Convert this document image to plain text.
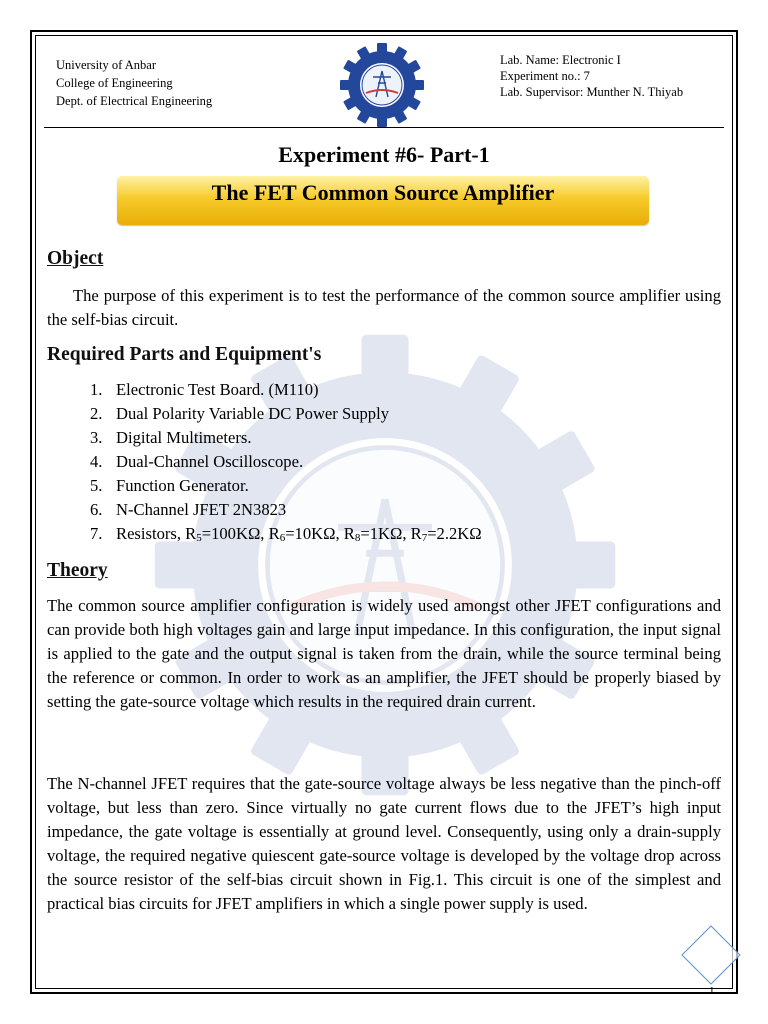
University of Anbar
College of Engineering
Dept. of Electrical Engineering
Lab. Name: Electronic I
Experiment no.: 7
Lab. Supervisor: Munther N. Thiyab
Experiment #6- Part-1
The FET Common Source Amplifier
Object
The purpose of this experiment is to test the performance of the common source amplifier using the self-bias circuit.
Required Parts and Equipment's
1. Electronic Test Board. (M110)
2. Dual Polarity Variable DC Power Supply
3. Digital Multimeters.
4. Dual-Channel Oscilloscope.
5. Function Generator.
6. N-Channel JFET 2N3823
7. Resistors, $R_5=100K\Omega$, $R_6=10K\Omega$, $R_8=1K\Omega$, $R_7=2.2K\Omega$
Theory
The common source amplifier configuration is widely used amongst other JFET configurations and can provide both high voltages gain and large input impedance. In this configuration, the input signal is applied to the gate and the output signal is taken from the drain, while the source terminal being the reference or common. In order to work as an amplifier, the JFET should be properly biased by setting the gate-source voltage which results in the required drain current.
The N-channel JFET requires that the gate-source voltage always be less negative than the pinch-off voltage, but less than zero. Since virtually no gate current flows due to the JFET’s high input impedance, the gate voltage is essentially at ground level. Consequently, using only a drain-supply voltage, the required negative quiescent gate-source voltage is developed by the voltage drop across the source resistor of the self-bias circuit shown in Fig.1. This circuit is one of the simplest and practical bias circuits for JFET amplifiers in which a single power supply is used.
1
